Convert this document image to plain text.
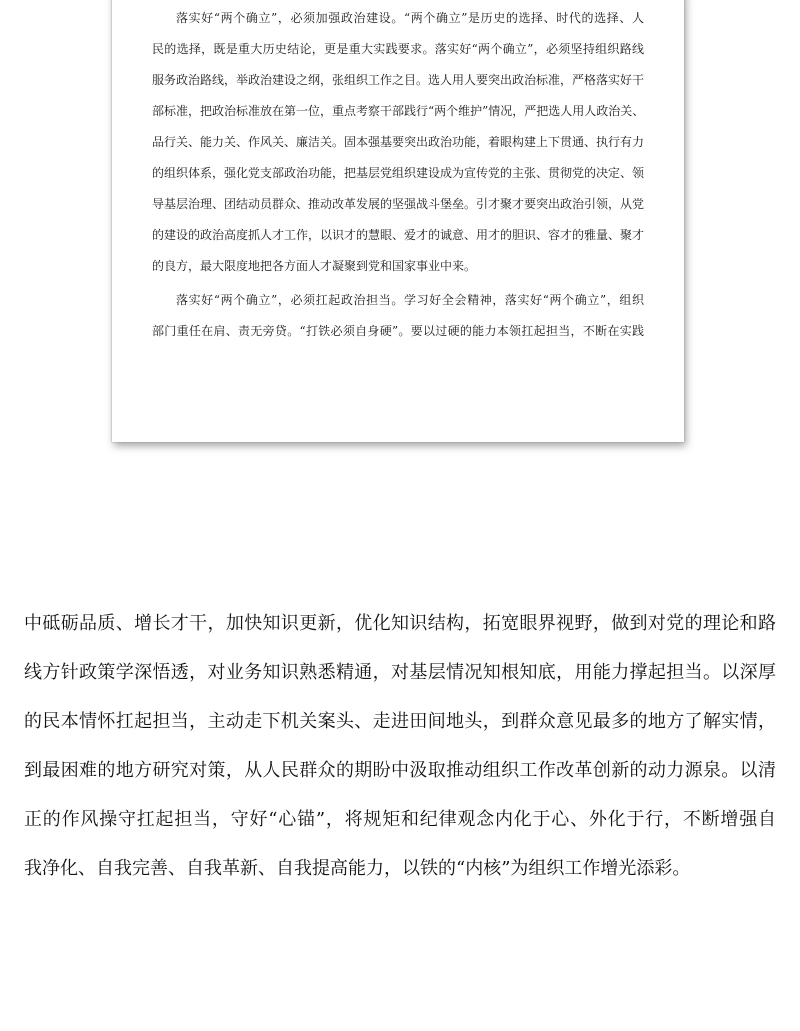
落实好“两个确立”，必须加强政治建设。“两个确立”是历史的选择、时代的选择、人
民的选择，既是重大历史结论，更是重大实践要求。落实好“两个确立”，必须坚持组织路线
服务政治路线，举政治建设之纲，张组织工作之目。选人用人要突出政治标准，严格落实好干
部标准，把政治标准放在第一位，重点考察干部践行“两个维护”情况，严把选人用人政治关、
品行关、能力关、作风关、廉洁关。固本强基要突出政治功能，着眼构建上下贯通、执行有力
的组织体系，强化党支部政治功能，把基层党组织建设成为宣传党的主张、贯彻党的决定、领
导基层治理、团结动员群众、推动改革发展的坚强战斗堡垒。引才聚才要突出政治引领，从党
的建设的政治高度抓人才工作，以识才的慧眼、爱才的诚意、用才的胆识、容才的雅量、聚才
的良方，最大限度地把各方面人才凝聚到党和国家事业中来。
落实好“两个确立”，必须扛起政治担当。学习好全会精神，落实好“两个确立”，组织
部门重任在肩、责无旁贷。“打铁必须自身硬”。要以过硬的能力本领扛起担当，不断在实践
中砥砺品质、增长才干，加快知识更新，优化知识结构，拓宽眼界视野，做到对党的理论和路
线方针政策学深悟透，对业务知识熟悉精通，对基层情况知根知底，用能力撑起担当。以深厚
的民本情怀扛起担当，主动走下机关案头、走进田间地头，到群众意见最多的地方了解实情，
到最困难的地方研究对策，从人民群众的期盼中汲取推动组织工作改革创新的动力源泉。以清
正的作风操守扛起担当，守好“心锚”，将规矩和纪律观念内化于心、外化于行，不断增强自
我净化、自我完善、自我革新、自我提高能力，以铁的“内核”为组织工作增光添彩。
